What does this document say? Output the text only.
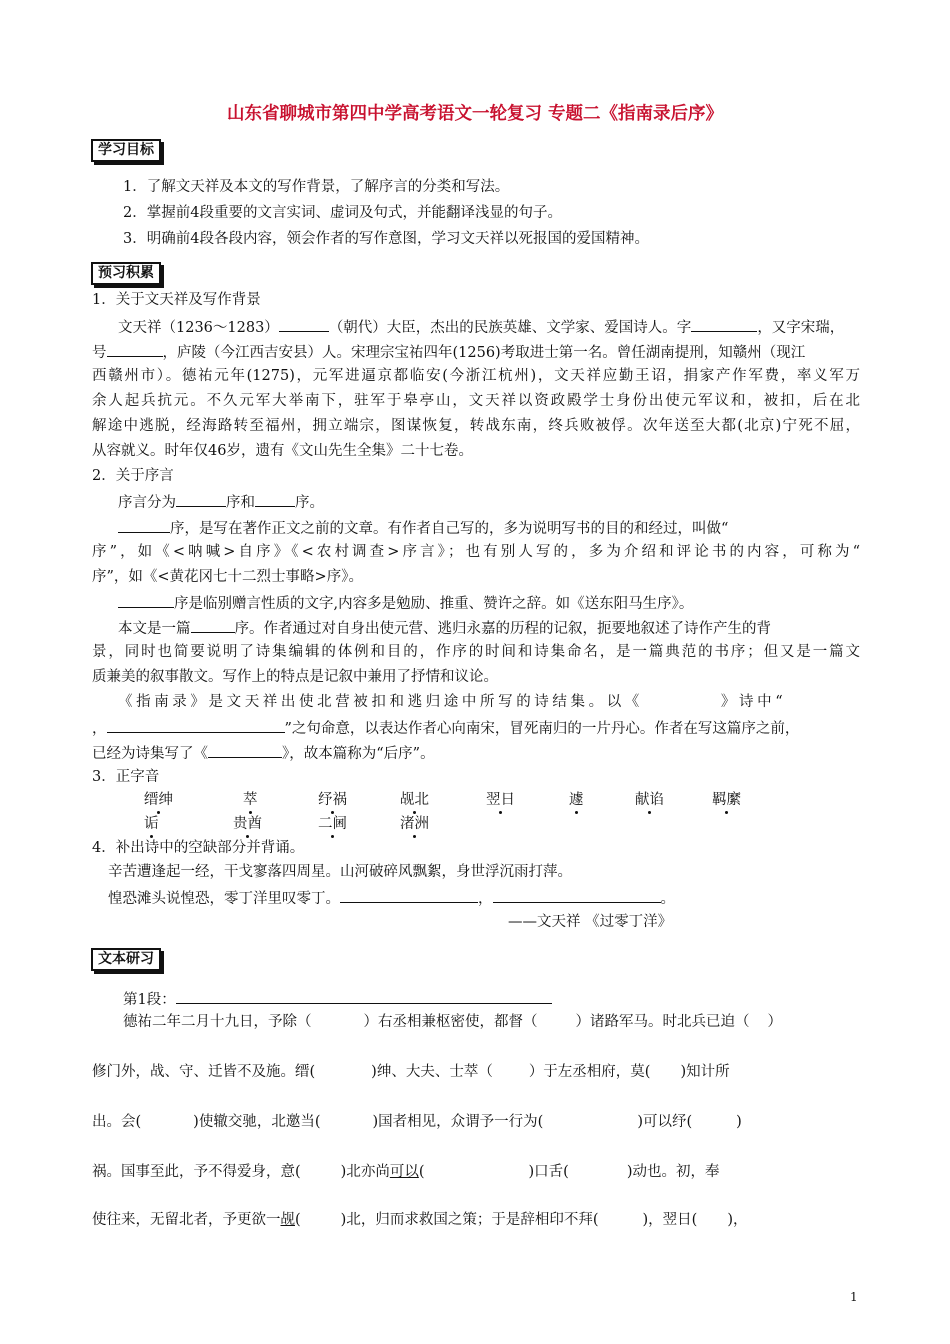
山东省聊城市第四中学高考语文一轮复习 专题二《指南录后序》
学习目标
1．了解文天祥及本文的写作背景，了解序言的分类和写法。
2．掌握前4段重要的文言实词、虚词及句式，并能翻译浅显的句子。
3．明确前4段各段内容，领会作者的写作意图，学习文天祥以死报国的爱国精神。
预习积累
1．关于文天祥及写作背景
文天祥（1236～1283）	（朝代）大臣，杰出的民族英雄、文学家、爱国诗人。字	，又字宋瑞，
号	，庐陵（今江西吉安县）人。宋理宗宝祐四年(1256)考取进士第一名。曾任湖南提刑，知赣州（现江
西赣州市）。德祐元年(1275)，元军进逼京都临安(今浙江杭州)，文天祥应勤王诏，捐家产作军费，率义军万
余人起兵抗元。不久元军大举南下，驻军于皋亭山，文天祥以资政殿学士身份出使元军议和，被扣，后在北
解途中逃脱，经海路转至福州，拥立端宗，图谋恢复，转战东南，终兵败被俘。次年送至大都(北京)宁死不屈，
从容就义。时年仅46岁，遗有《文山先生全集》二十七卷。
2．关于序言
序言分为	序和	序。
序，是写在著作正文之前的文章。有作者自己写的，多为说明写书的目的和经过，叫做“
序”，如《<呐喊>自序》《<农村调查>序言》；也有别人写的，多为介绍和评论书的内容，可称为“
序”，如《<黄花冈七十二烈士事略>序》。
序是临别赠言性质的文字,内容多是勉励、推重、赞许之辞。如《送东阳马生序》。
本文是一篇	序。作者通过对自身出使元营、逃归永嘉的历程的记叙，扼要地叙述了诗作产生的背
景，同时也简要说明了诗集编辑的体例和目的，作序的时间和诗集命名，是一篇典范的书序；但又是一篇文
质兼美的叙事散文。写作上的特点是记叙中兼用了抒情和议论。
《指南录》是文天祥出使北营被扣和逃归途中所写的诗结集。以《	》诗中“
，	”之句命意，以表达作者心向南宋，冒死南归的一片丹心。作者在写这篇序之前，
已经为诗集写了《	》，故本篇称为“后序”。
3．正字音
缙绅	萃	纾祸	觇北	翌日	遽	献谄	羁縻
诟	贵酋	二阃	渚洲
4．补出诗中的空缺部分并背诵。
辛苦遭逢起一经，干戈寥落四周星。山河破碎风飘絮，身世浮沉雨打萍。
惶恐滩头说惶恐，零丁洋里叹零丁。	，	。
——文天祥 《过零丁洋》
文本研习
第1段：
德祐二年二月十九日，予除（	）右丞相兼枢密使，都督（	）诸路军马。时北兵已迫（ ）
修门外，战、守、迁皆不及施。缙(	)绅、大夫、士萃（ ）于左丞相府，莫( )知计所
出。会(	)使辙交驰，北邀当(	)国者相见，众谓予一行为(	)可以纾(	)
祸。国事至此，予不得爱身，意(	)北亦尚可以(	)口舌(	)动也。初，奉
使往来，无留北者，予更欲一觇(	)北，归而求救国之策；于是辞相印不拜(	)，翌日( )，
1
